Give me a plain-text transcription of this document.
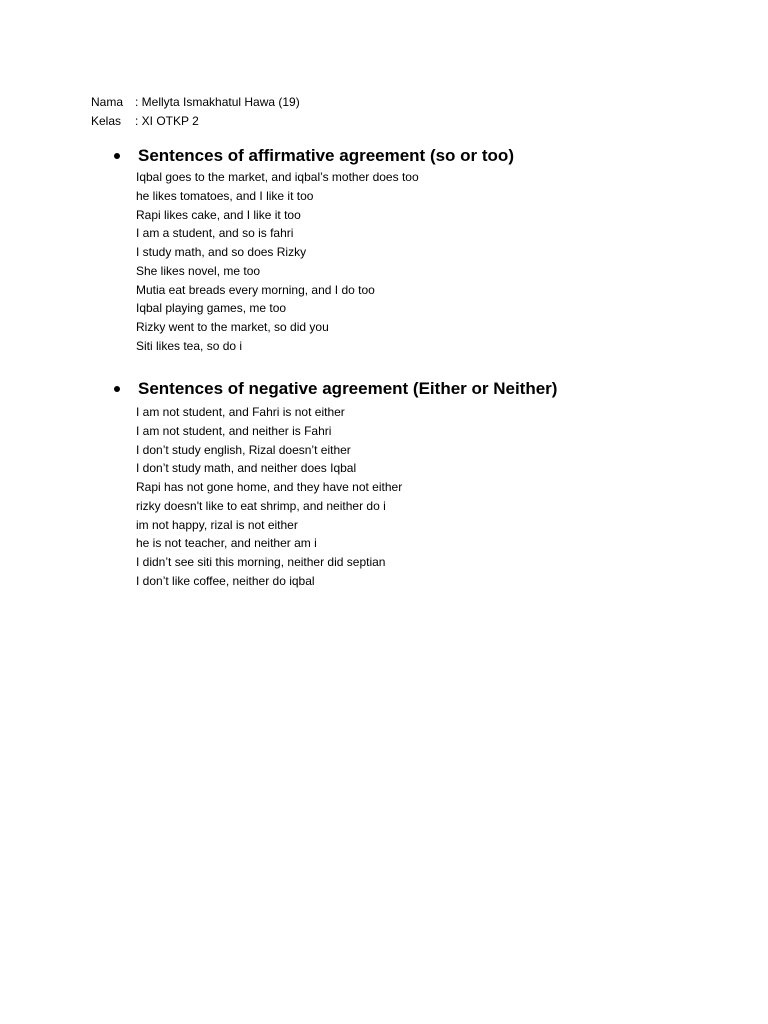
Nama : Mellyta Ismakhatul Hawa (19)
Kelas	: XI OTKP 2
Sentences of affirmative agreement (so or too)
Iqbal goes to the market, and iqbal’s mother does too
he likes tomatoes, and I like it too
Rapi likes cake, and I like it too
I am a student, and so is fahri
I study math, and so does Rizky
She likes novel, me too
Mutia eat breads every morning, and I do too
Iqbal playing games, me too
Rizky went to the market, so did you
Siti likes tea, so do i
Sentences of negative agreement (Either or Neither)
I am not student, and Fahri is not either
I am not student, and neither is Fahri
I don’t study english, Rizal doesn’t either
I don’t study math, and neither does Iqbal
Rapi has not gone home, and they have not either
rizky doesn't like to eat shrimp, and neither do i
im not happy, rizal is not either
he is not teacher, and neither am i
I didn’t see siti this morning, neither did septian
I don’t like coffee, neither do iqbal
